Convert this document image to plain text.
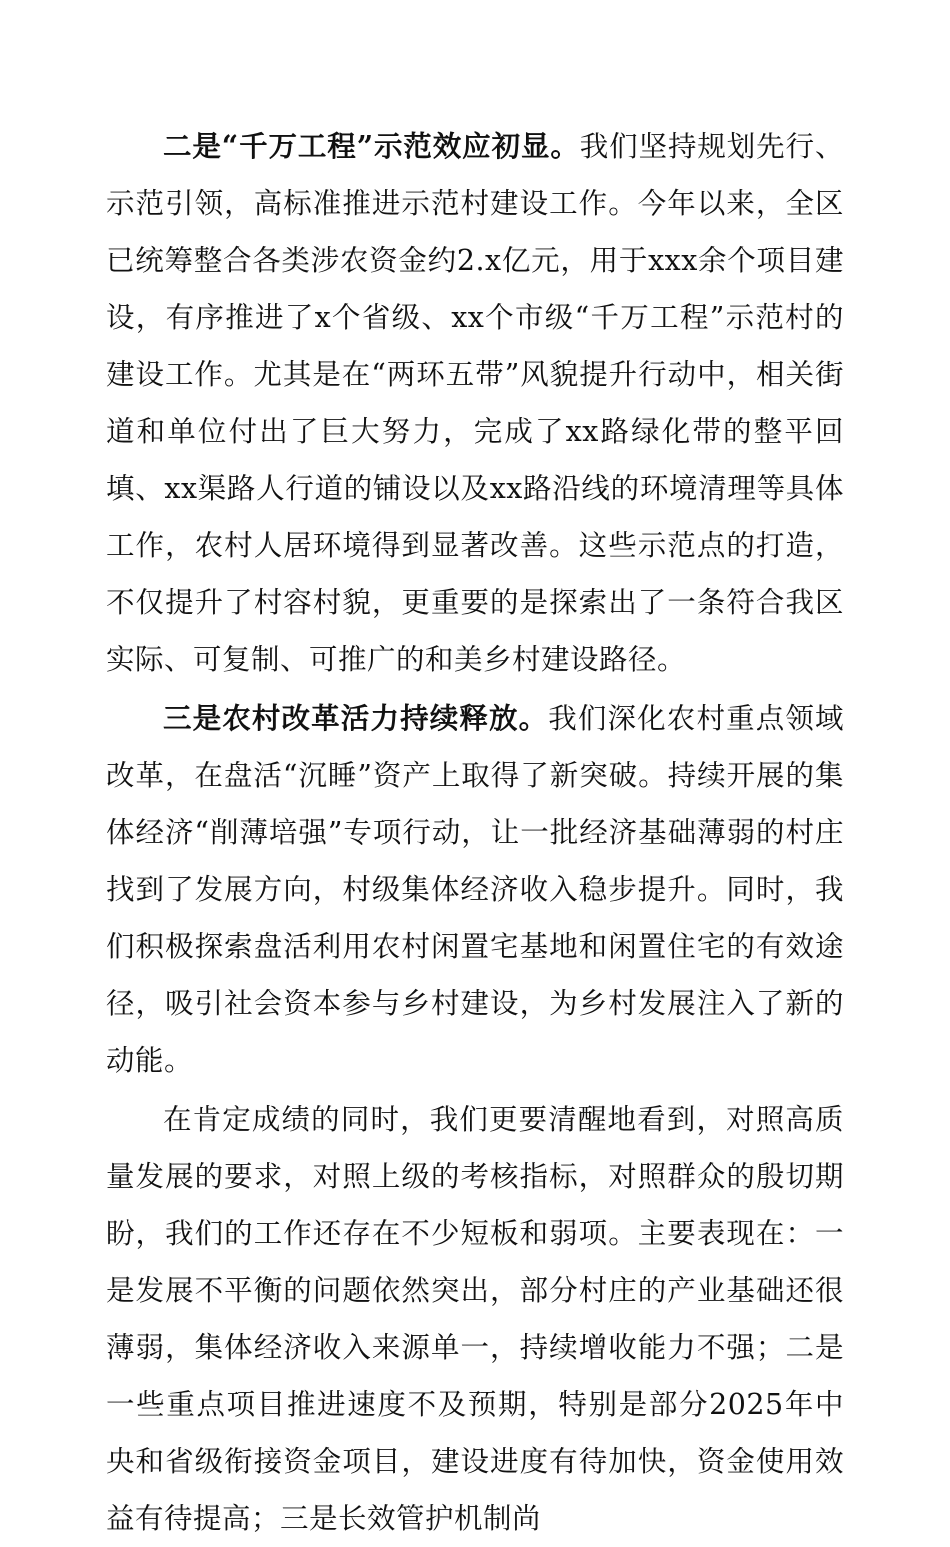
二是“千万工程”示范效应初显。我们坚持规划先行、示范引领，高标准推进示范村建设工作。今年以来，全区已统筹整合各类涉农资金约2.x亿元，用于xxx余个项目建设，有序推进了x个省级、xx个市级“千万工程”示范村的建设工作。尤其是在“两环五带”风貌提升行动中，相关街道和单位付出了巨大努力，完成了xx路绿化带的整平回填、xx渠路人行道的铺设以及xx路沿线的环境清理等具体工作，农村人居环境得到显著改善。这些示范点的打造，不仅提升了村容村貌，更重要的是探索出了一条符合我区实际、可复制、可推广的和美乡村建设路径。

三是农村改革活力持续释放。我们深化农村重点领域改革，在盘活“沉睡”资产上取得了新突破。持续开展的集体经济“削薄培强”专项行动，让一批经济基础薄弱的村庄找到了发展方向，村级集体经济收入稳步提升。同时，我们积极探索盘活利用农村闲置宅基地和闲置住宅的有效途径，吸引社会资本参与乡村建设，为乡村发展注入了新的动能。

在肯定成绩的同时，我们更要清醒地看到，对照高质量发展的要求，对照上级的考核指标，对照群众的殷切期盼，我们的工作还存在不少短板和弱项。主要表现在：一是发展不平衡的问题依然突出，部分村庄的产业基础还很薄弱，集体经济收入来源单一，持续增收能力不强；二是一些重点项目推进速度不及预期，特别是部分2025年中央和省级衔接资金项目，建设进度有待加快，资金使用效益有待提高；三是长效管护机制尚
